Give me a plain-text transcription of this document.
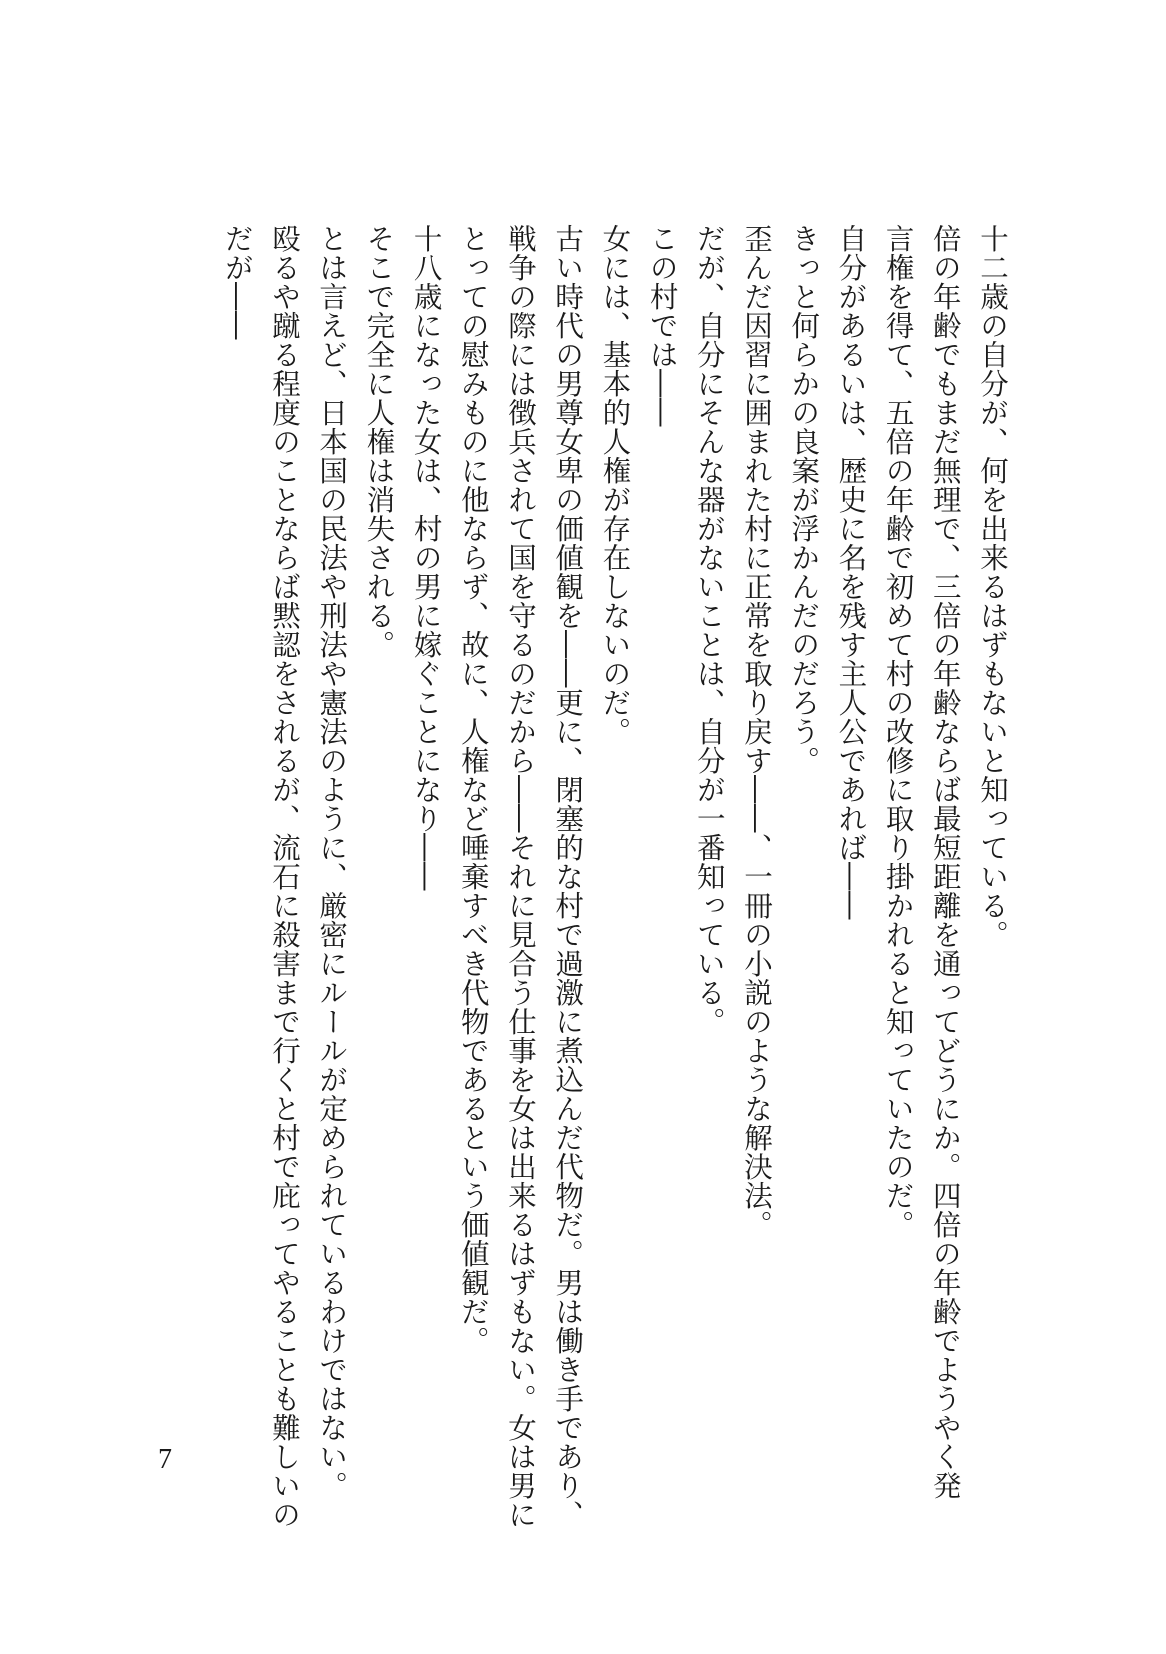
十二歳の自分が、何を出来るはずもないと知っている。
倍の年齢でもまだ無理で、三倍の年齢ならば最短距離を通ってどうにか。四倍の年齢でようやく発
言権を得て、五倍の年齢で初めて村の改修に取り掛かれると知っていたのだ。
自分があるいは、歴史に名を残す主人公であれば――
きっと何らかの良案が浮かんだのだろう。
歪んだ因習に囲まれた村に正常を取り戻す――、一冊の小説のような解決法。
だが、自分にそんな器がないことは、自分が一番知っている。
この村では――
女には、基本的人権が存在しないのだ。
古い時代の男尊女卑の価値観を――更に、閉塞的な村で過激に煮込んだ代物だ。男は働き手であり、
戦争の際には徴兵されて国を守るのだから――それに見合う仕事を女は出来るはずもない。女は男に
とっての慰みものに他ならず、故に、人権など唾棄すべき代物であるという価値観だ。
十八歳になった女は、村の男に嫁ぐことになり――
そこで完全に人権は消失される。
とは言えど、日本国の民法や刑法や憲法のように、厳密にルールが定められているわけではない。
殴るや蹴る程度のことならば黙認をされるが、流石に殺害まで行くと村で庇ってやることも難しいの
だが――
7
